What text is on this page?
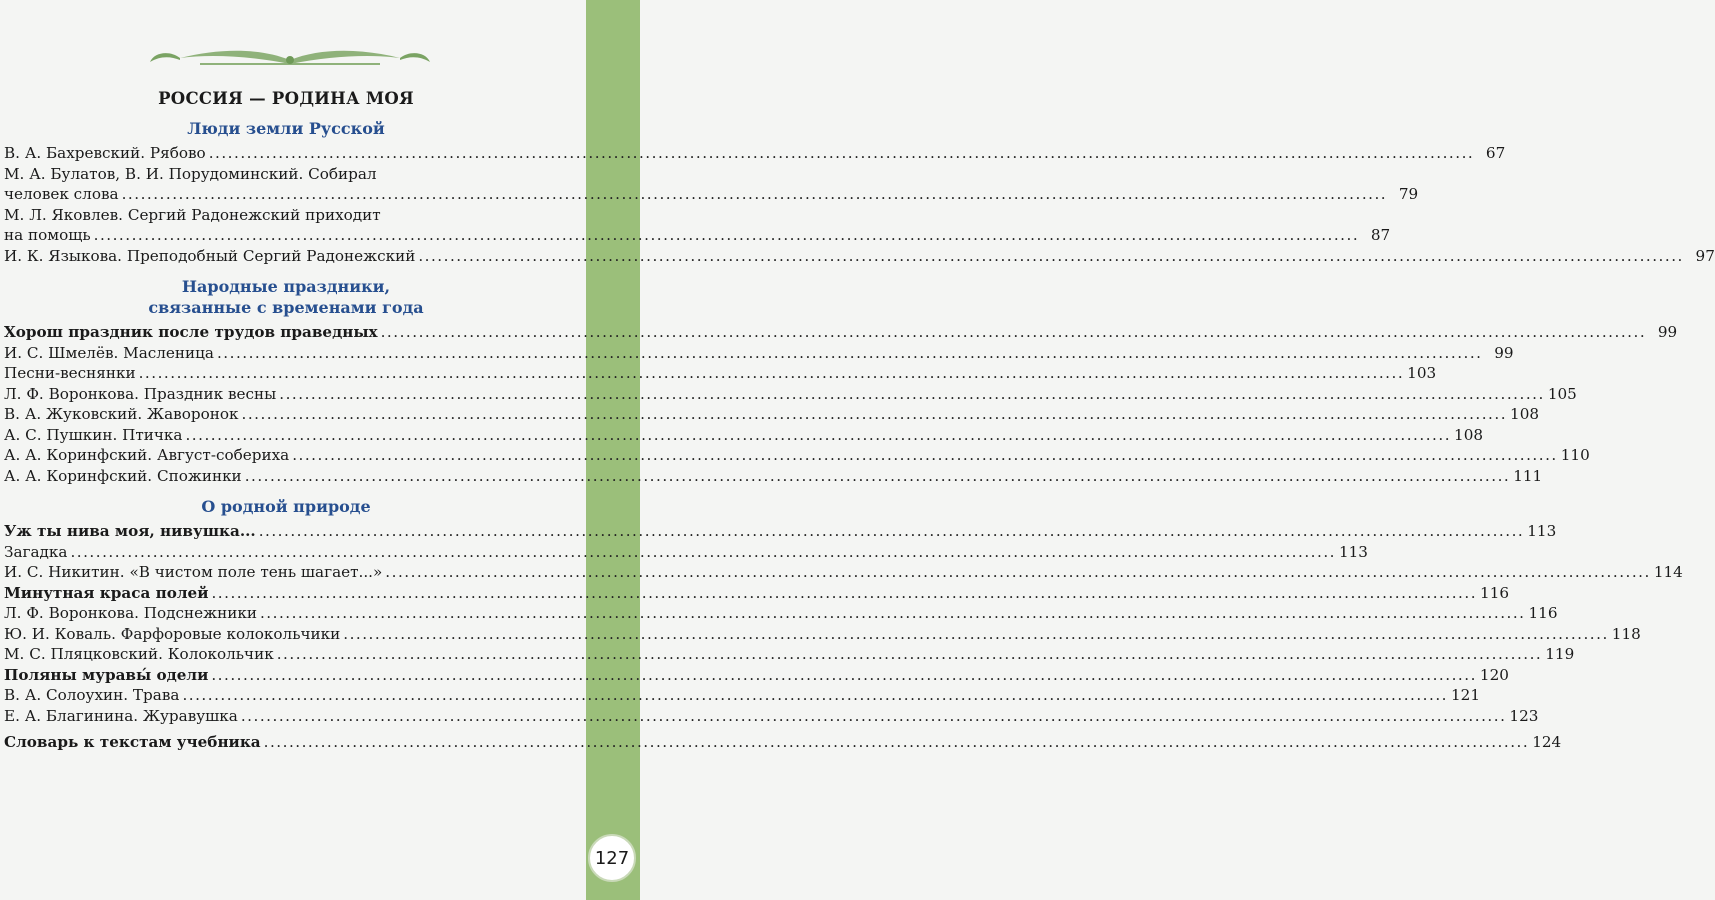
РОССИЯ — РОДИНА МОЯ
Люди земли Русской
В. А. Бахревский. Рябово ........................................................................................................................................................................................................ 67
М. А. Булатов, В. И. Порудоминский. Собирал
человек слова ........................................................................................................................................................................................................ 79
М. Л. Яковлев. Сергий Радонежский приходит
на помощь ........................................................................................................................................................................................................ 87
И. К. Языкова. Преподобный Сергий Радонежский ........................................................................................................................................................................................................ 97
Народные праздники,
связанные с временами года
Хорош праздник после трудов праведных ........................................................................................................................................................................................................ 99
И. С. Шмелёв. Масленица ........................................................................................................................................................................................................ 99
Песни-веснянки ........................................................................................................................................................................................................ 103
Л. Ф. Воронкова. Праздник весны ........................................................................................................................................................................................................ 105
В. А. Жуковский. Жаворонок ........................................................................................................................................................................................................ 108
А. С. Пушкин. Птичка ........................................................................................................................................................................................................ 108
А. А. Коринфский. Август-собериха ........................................................................................................................................................................................................ 110
А. А. Коринфский. Спожинки ........................................................................................................................................................................................................ 111
О родной природе
Уж ты нива моя, нивушка... ........................................................................................................................................................................................................ 113
Загадка ........................................................................................................................................................................................................ 113
И. С. Никитин. «В чистом поле тень шагает...» ........................................................................................................................................................................................................ 114
Минутная краса полей ........................................................................................................................................................................................................ 116
Л. Ф. Воронкова. Подснежники ........................................................................................................................................................................................................ 116
Ю. И. Коваль. Фарфоровые колокольчики ........................................................................................................................................................................................................ 118
М. С. Пляцковский. Колокольчик ........................................................................................................................................................................................................ 119
Поляны муравы́ одели ........................................................................................................................................................................................................ 120
В. А. Солоухин. Трава ........................................................................................................................................................................................................ 121
Е. А. Благинина. Журавушка ........................................................................................................................................................................................................ 123
Словарь к текстам учебника ........................................................................................................................................................................................................ 124
127
